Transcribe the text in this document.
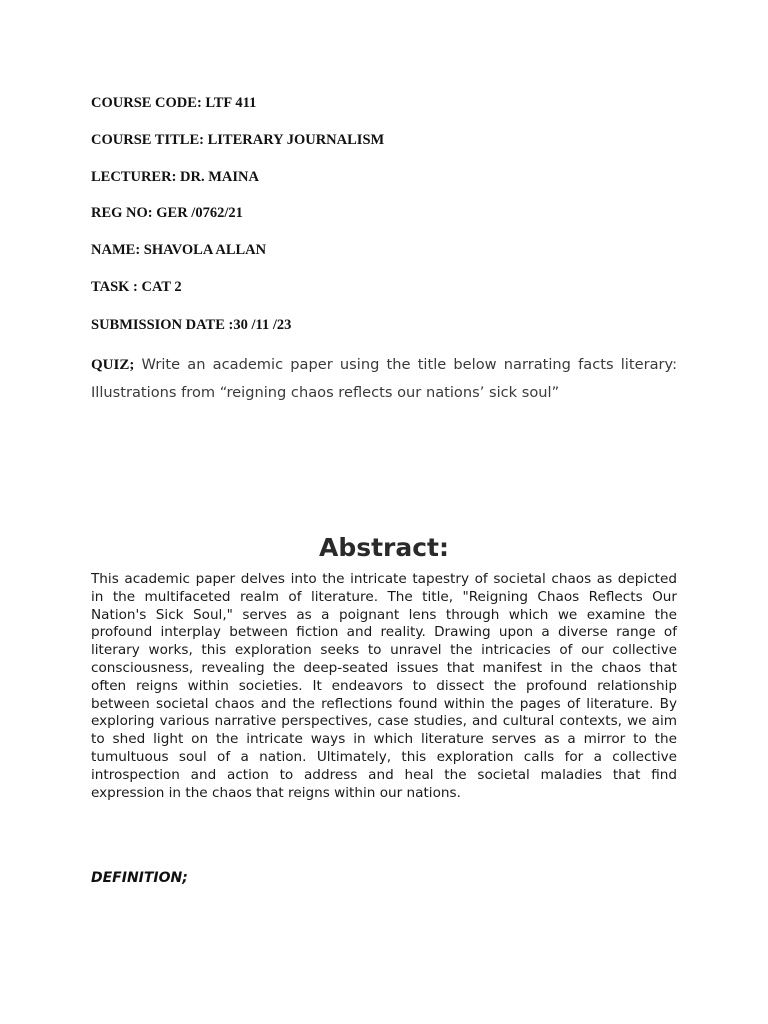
COURSE CODE: LTF 411
COURSE TITLE: LITERARY JOURNALISM
LECTURER: DR. MAINA
REG NO: GER /0762/21
NAME: SHAVOLA ALLAN
TASK : CAT 2
SUBMISSION DATE :30 /11 /23
QUIZ; Write an academic paper using the title below narrating facts literary: Illustrations from “reigning chaos reflects our nations’ sick soul”
Abstract:

This academic paper delves into the intricate tapestry of societal chaos as depicted in the multifaceted realm of literature. The title, "Reigning Chaos Reflects Our Nation's Sick Soul," serves as a poignant lens through which we examine the profound interplay between fiction and reality. Drawing upon a diverse range of literary works, this exploration seeks to unravel the intricacies of our collective consciousness, revealing the deep-seated issues that manifest in the chaos that often reigns within societies. It endeavors to dissect the profound relationship between societal chaos and the reflections found within the pages of literature. By exploring various narrative perspectives, case studies, and cultural contexts, we aim to shed light on the intricate ways in which literature serves as a mirror to the tumultuous soul of a nation. Ultimately, this exploration calls for a collective introspection and action to address and heal the societal maladies that find expression in the chaos that reigns within our nations.

DEFINITION;
